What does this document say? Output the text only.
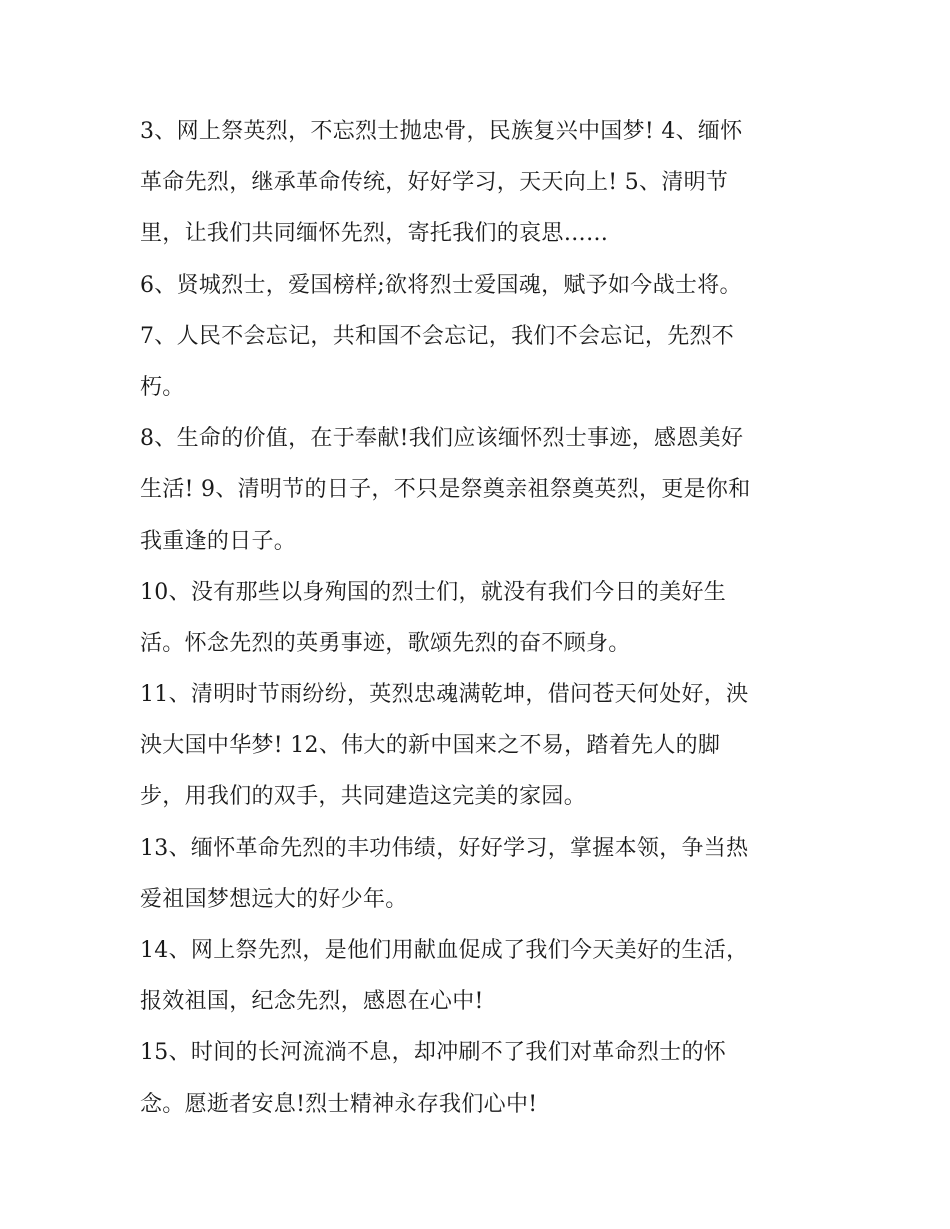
3、网上祭英烈，不忘烈士抛忠骨，民族复兴中国梦! 4、缅怀
革命先烈，继承革命传统，好好学习，天天向上! 5、清明节
里，让我们共同缅怀先烈，寄托我们的哀思……
6、贤城烈士，爱国榜样;欲将烈士爱国魂，赋予如今战士将。
7、人民不会忘记，共和国不会忘记，我们不会忘记，先烈不
朽。
8、生命的价值，在于奉献!我们应该缅怀烈士事迹，感恩美好
生活! 9、清明节的日子，不只是祭奠亲祖祭奠英烈，更是你和
我重逢的日子。
10、没有那些以身殉国的烈士们，就没有我们今日的美好生
活。怀念先烈的英勇事迹，歌颂先烈的奋不顾身。
11、清明时节雨纷纷，英烈忠魂满乾坤，借问苍天何处好，泱
泱大国中华梦! 12、伟大的新中国来之不易，踏着先人的脚
步，用我们的双手，共同建造这完美的家园。
13、缅怀革命先烈的丰功伟绩，好好学习，掌握本领，争当热
爱祖国梦想远大的好少年。
14、网上祭先烈，是他们用献血促成了我们今天美好的生活，
报效祖国，纪念先烈，感恩在心中!
15、时间的长河流淌不息，却冲刷不了我们对革命烈士的怀
念。愿逝者安息!烈士精神永存我们心中!
